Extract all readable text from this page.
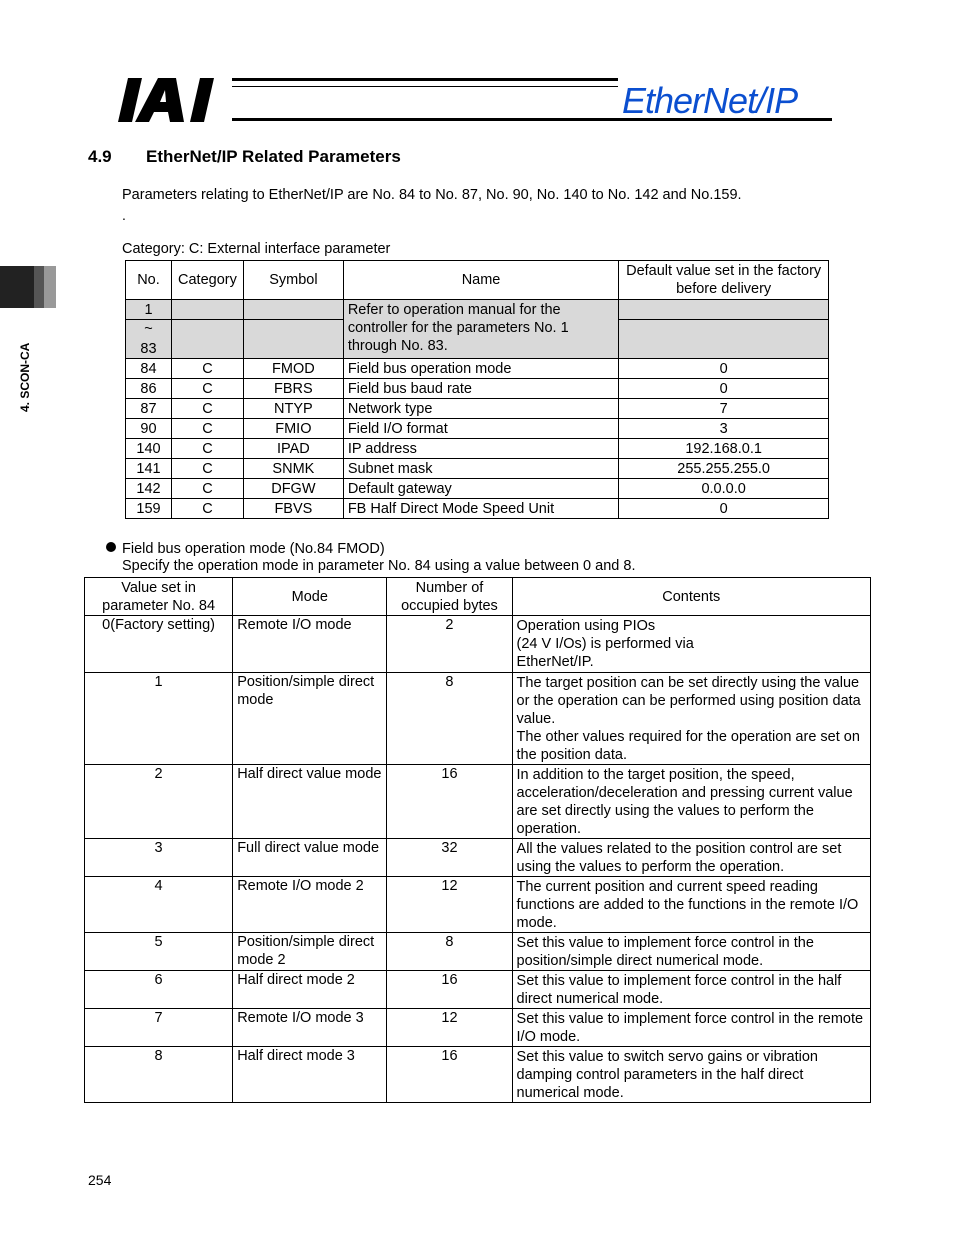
EtherNet/IP
4. SCON-CA
4.9 EtherNet/IP Related Parameters
Parameters relating to EtherNet/IP are No. 84 to No. 87, No. 90, No. 140 to No. 142 and No.159.
.
Category: C: External interface parameter
No.	Category	Symbol	Name	Default value set in the factory before delivery
1			Refer to operation manual for the controller for the parameters No. 1 through No. 83.	

~
83				

84	C	FMOD	Field bus operation mode	0
86	C	FBRS	Field bus baud rate	0
87	C	NTYP	Network type	7
90	C	FMIO	Field I/O format	3
140	C	IPAD	IP address	192.168.0.1
141	C	SNMK	Subnet mask	255.255.255.0
142	C	DFGW	Default gateway	0.0.0.0
159	C	FBVS	FB Half Direct Mode Speed Unit	0
Field bus operation mode (No.84 FMOD)
Specify the operation mode in parameter No. 84 using a value between 0 and 8.
Value set in parameter No. 84	Mode	Number of occupied bytes	Contents
0(Factory setting)	Remote I/O mode	2	Operation using PIOs
(24 V I/Os) is performed via
EtherNet/IP.

1	Position/simple direct mode	8	The target position can be set directly using the value or the operation can be performed using position data value.
The other values required for the operation are set on the position data.

2	Half direct value mode	16	In addition to the target position, the speed, acceleration/deceleration and pressing current value are set directly using the values to perform the operation.

3	Full direct value mode	32	All the values related to the position control are set using the values to perform the operation.

4	Remote I/O mode 2	12	The current position and current speed reading functions are added to the functions in the remote I/O mode.

5	Position/simple direct mode 2	8	Set this value to implement force control in the position/simple direct numerical mode.

6	Half direct mode 2	16	Set this value to implement force control in the half direct numerical mode.

7	Remote I/O mode 3	12	Set this value to implement force control in the remote I/O mode.

8	Half direct mode 3	16	Set this value to switch servo gains or vibration damping control parameters in the half direct numerical mode.
254
